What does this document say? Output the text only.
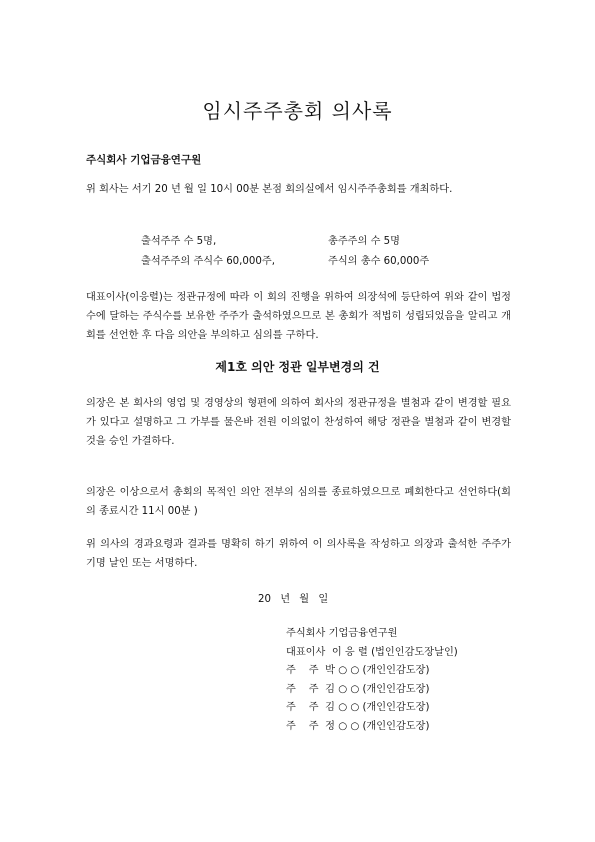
임시주주총회 의사록
주식회사 기업금융연구원
위 회사는 서기 20 년 월 일 10시 00분 본점 회의실에서 임시주주총회를 개최하다.
출석주주 수 5명,	총주주의 수 5명
출석주주의 주식수 60,000주,	주식의 총수 60,000주
대표이사(이응렬)는 정관규정에 따라 이 회의 진행을 위하여 의장석에 등단하여 위와 같이 법정수에 달하는 주식수를 보유한 주주가 출석하였으므로 본 총회가 적법히 성립되었음을 알리고 개회를 선언한 후 다음 의안을 부의하고 심의를 구하다.
제1호 의안 정관 일부변경의 건
의장은 본 회사의 영업 및 경영상의 형편에 의하여 회사의 정관규정을 별첨과 같이 변경할 필요가 있다고 설명하고 그 가부를 물은바 전원 이의없이 찬성하여 해당 정관을 별첨과 같이 변경할 것을 승인 가결하다.
의장은 이상으로서 총회의 목적인 의안 전부의 심의를 종료하였으므로 폐회한다고 선언하다(회의 종료시간 11시 00분 )
위 의사의 경과요령과 결과를 명확히 하기 위하여 이 의사록을 작성하고 의장과 출석한 주주가 기명 날인 또는 서명하다.
20 년 월 일
주식회사 기업금융연구원
대표이사  이 응 렬 (법인인감도장날인)
주    주  박 ○ ○ (개인인감도장)
주    주  김 ○ ○ (개인인감도장)
주    주  김 ○ ○ (개인인감도장)
주    주  정 ○ ○ (개인인감도장)
